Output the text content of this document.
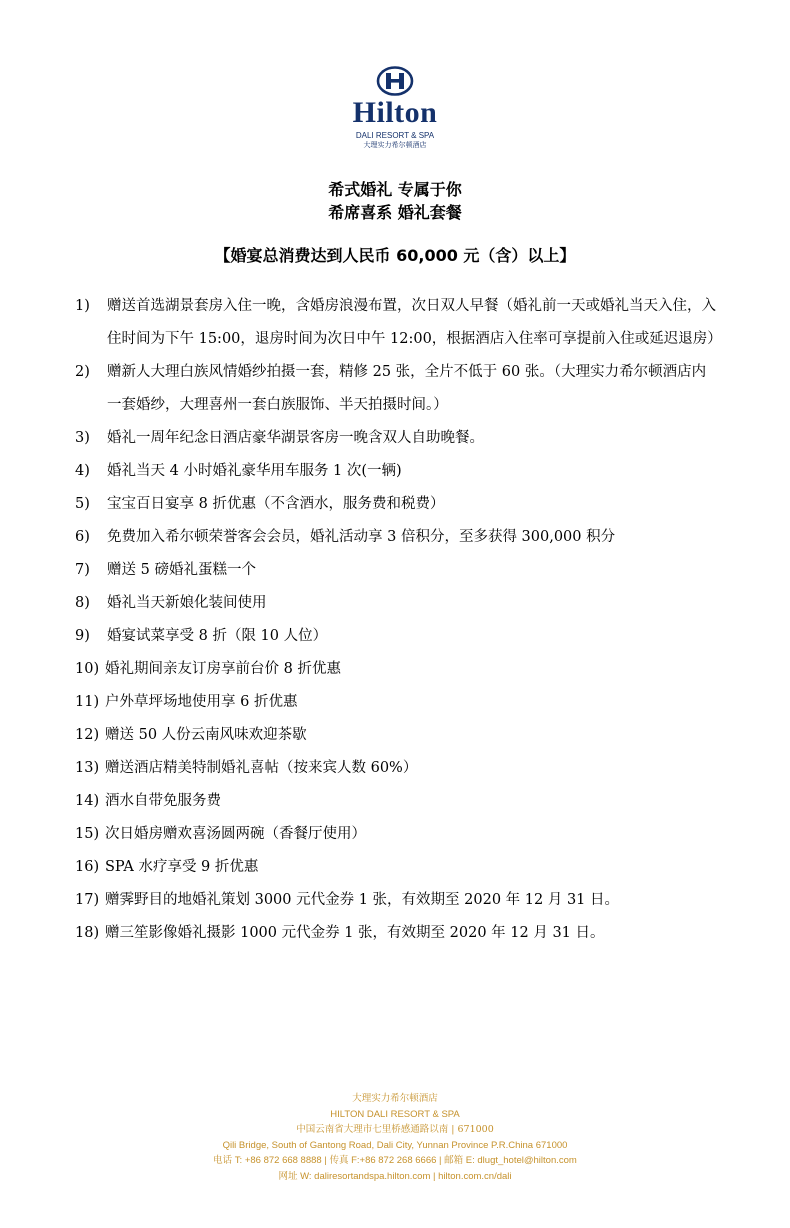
Hilton
DALI RESORT & SPA
大理实力希尔顿酒店
希式婚礼 专属于你
希席喜系 婚礼套餐
【婚宴总消费达到人民币 60,000 元（含）以上】
1) 赠送首选湖景套房入住一晚，含婚房浪漫布置，次日双人早餐（婚礼前一天或婚礼当天入住，入住时间为下午 15:00，退房时间为次日中午 12:00，根据酒店入住率可享提前入住或延迟退房）
2) 赠新人大理白族风情婚纱拍摄一套，精修 25 张，全片不低于 60 张。（大理实力希尔顿酒店内一套婚纱，大理喜州一套白族服饰、半天拍摄时间。）
3) 婚礼一周年纪念日酒店豪华湖景客房一晚含双人自助晚餐。
4) 婚礼当天 4 小时婚礼豪华用车服务 1 次(一辆)
5) 宝宝百日宴享 8 折优惠（不含酒水，服务费和税费）
6) 免费加入希尔顿荣誉客会会员，婚礼活动享 3 倍积分，至多获得 300,000 积分
7) 赠送 5 磅婚礼蛋糕一个
8) 婚礼当天新娘化装间使用
9) 婚宴试菜享受 8 折（限 10 人位）
10) 婚礼期间亲友订房享前台价 8 折优惠
11) 户外草坪场地使用享 6 折优惠
12) 赠送 50 人份云南风味欢迎茶歇
13) 赠送酒店精美特制婚礼喜帖（按来宾人数 60%）
14) 酒水自带免服务费
15) 次日婚房赠欢喜汤圆两碗（香餐厅使用）
16) SPA 水疗享受 9 折优惠
17) 赠霁野目的地婚礼策划 3000 元代金券 1 张，有效期至 2020 年 12 月 31 日。
18) 赠三笙影像婚礼摄影 1000 元代金券 1 张，有效期至 2020 年 12 月 31 日。
大理实力希尔顿酒店
HILTON DALI RESORT & SPA
中国云南省大理市七里桥感通路以南 | 671000
Qili Bridge, South of Gantong Road, Dali City, Yunnan Province P.R.China 671000
电话 T: +86 872 668 8888 | 传真 F:+86 872 268 6666 | 邮箱 E: dlugt_hotel@hilton.com
网址 W: daliresortandspa.hilton.com | hilton.com.cn/dali
